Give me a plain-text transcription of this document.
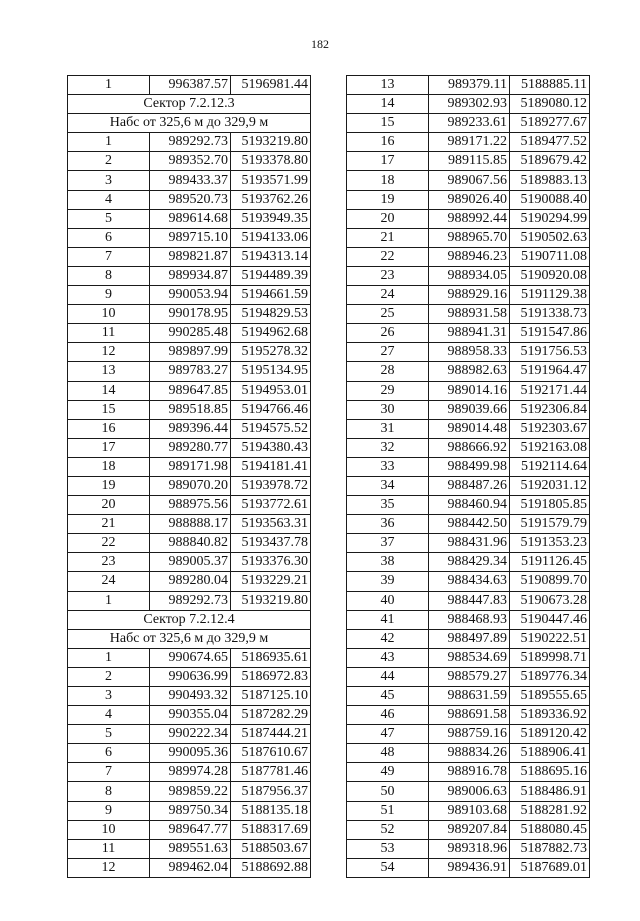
182
1	996387.57	5196981.44
Сектор 7.2.12.3		
Набс от 325,6 м до 329,9 м		
1	989292.73	5193219.80
2	989352.70	5193378.80
3	989433.37	5193571.99
4	989520.73	5193762.26
5	989614.68	5193949.35
6	989715.10	5194133.06
7	989821.87	5194313.14
8	989934.87	5194489.39
9	990053.94	5194661.59
10	990178.95	5194829.53
11	990285.48	5194962.68
12	989897.99	5195278.32
13	989783.27	5195134.95
14	989647.85	5194953.01
15	989518.85	5194766.46
16	989396.44	5194575.52
17	989280.77	5194380.43
18	989171.98	5194181.41
19	989070.20	5193978.72
20	988975.56	5193772.61
21	988888.17	5193563.31
22	988840.82	5193437.78
23	989005.37	5193376.30
24	989280.04	5193229.21
1	989292.73	5193219.80
Сектор 7.2.12.4		
Набс от 325,6 м до 329,9 м		
1	990674.65	5186935.61
2	990636.99	5186972.83
3	990493.32	5187125.10
4	990355.04	5187282.29
5	990222.34	5187444.21
6	990095.36	5187610.67
7	989974.28	5187781.46
8	989859.22	5187956.37
9	989750.34	5188135.18
10	989647.77	5188317.69
11	989551.63	5188503.67
12	989462.04	5188692.88
13	989379.11	5188885.11
14	989302.93	5189080.12
15	989233.61	5189277.67
16	989171.22	5189477.52
17	989115.85	5189679.42
18	989067.56	5189883.13
19	989026.40	5190088.40
20	988992.44	5190294.99
21	988965.70	5190502.63
22	988946.23	5190711.08
23	988934.05	5190920.08
24	988929.16	5191129.38
25	988931.58	5191338.73
26	988941.31	5191547.86
27	988958.33	5191756.53
28	988982.63	5191964.47
29	989014.16	5192171.44
30	989039.66	5192306.84
31	989014.48	5192303.67
32	988666.92	5192163.08
33	988499.98	5192114.64
34	988487.26	5192031.12
35	988460.94	5191805.85
36	988442.50	5191579.79
37	988431.96	5191353.23
38	988429.34	5191126.45
39	988434.63	5190899.70
40	988447.83	5190673.28
41	988468.93	5190447.46
42	988497.89	5190222.51
43	988534.69	5189998.71
44	988579.27	5189776.34
45	988631.59	5189555.65
46	988691.58	5189336.92
47	988759.16	5189120.42
48	988834.26	5188906.41
49	988916.78	5188695.16
50	989006.63	5188486.91
51	989103.68	5188281.92
52	989207.84	5188080.45
53	989318.96	5187882.73
54	989436.91	5187689.01
